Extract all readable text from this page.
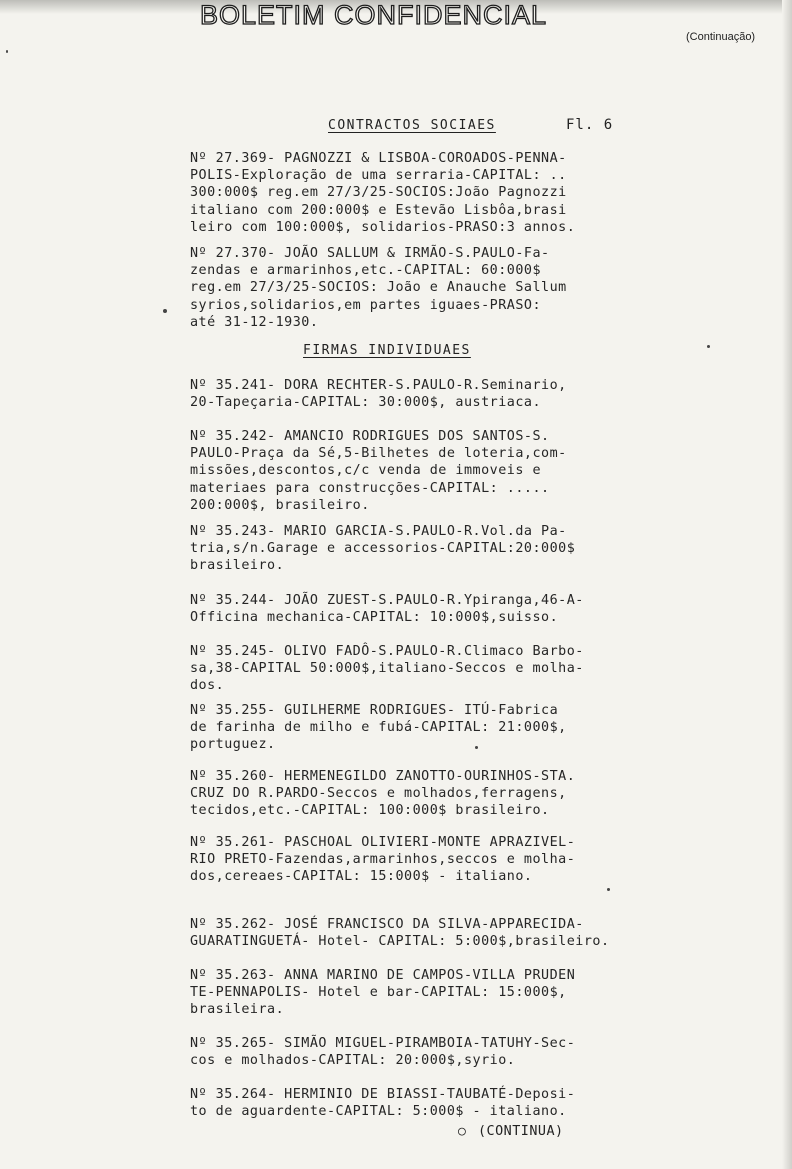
BOLETIM CONFIDENCIAL
(Continuação)
CONTRACTOS SOCIAES	Fl. 6
Nº 27.369- PAGNOZZI & LISBOA-COROADOS-PENNA-
POLIS-Exploração de uma serraria-CAPITAL: ..
300:000$ reg.em 27/3/25-SOCIOS:João Pagnozzi
italiano com 200:000$ e Estevão Lisbôa,brasi
leiro com 100:000$, solidarios-PRASO:3 annos.
Nº 27.370- JOÃO SALLUM & IRMÃO-S.PAULO-Fa-
zendas e armarinhos,etc.-CAPITAL: 60:000$
reg.em 27/3/25-SOCIOS: João e Anauche Sallum
syrios,solidarios,em partes iguaes-PRASO:
até 31-12-1930.
FIRMAS INDIVIDUAES
Nº 35.241- DORA RECHTER-S.PAULO-R.Seminario,
20-Tapeçaria-CAPITAL: 30:000$, austriaca.
Nº 35.242- AMANCIO RODRIGUES DOS SANTOS-S.
PAULO-Praça da Sé,5-Bilhetes de loteria,com-
missões,descontos,c/c venda de immoveis e
materiaes para construcções-CAPITAL: .....
200:000$, brasileiro.
Nº 35.243- MARIO GARCIA-S.PAULO-R.Vol.da Pa-
tria,s/n.Garage e accessorios-CAPITAL:20:000$
brasileiro.
Nº 35.244- JOÃO ZUEST-S.PAULO-R.Ypiranga,46-A-
Officina mechanica-CAPITAL: 10:000$,suisso.
Nº 35.245- OLIVO FADÔ-S.PAULO-R.Climaco Barbo-
sa,38-CAPITAL 50:000$,italiano-Seccos e molha-
dos.
Nº 35.255- GUILHERME RODRIGUES- ITÚ-Fabrica
de farinha de milho e fubá-CAPITAL: 21:000$,
portuguez.
Nº 35.260- HERMENEGILDO ZANOTTO-OURINHOS-STA.
CRUZ DO R.PARDO-Seccos e molhados,ferragens,
tecidos,etc.-CAPITAL: 100:000$ brasileiro.
Nº 35.261- PASCHOAL OLIVIERI-MONTE APRAZIVEL-
RIO PRETO-Fazendas,armarinhos,seccos e molha-
dos,cereaes-CAPITAL: 15:000$ - italiano.
Nº 35.262- JOSÉ FRANCISCO DA SILVA-APPARECIDA-
GUARATINGUETÁ- Hotel- CAPITAL: 5:000$,brasileiro.
Nº 35.263- ANNA MARINO DE CAMPOS-VILLA PRUDEN
TE-PENNAPOLIS- Hotel e bar-CAPITAL: 15:000$,
brasileira.
Nº 35.265- SIMÃO MIGUEL-PIRAMBOIA-TATUHY-Sec-
cos e molhados-CAPITAL: 20:000$,syrio.
Nº 35.264- HERMINIO DE BIASSI-TAUBATÉ-Deposi-
to de aguardente-CAPITAL: 5:000$ - italiano.
○ (CONTINUA)
